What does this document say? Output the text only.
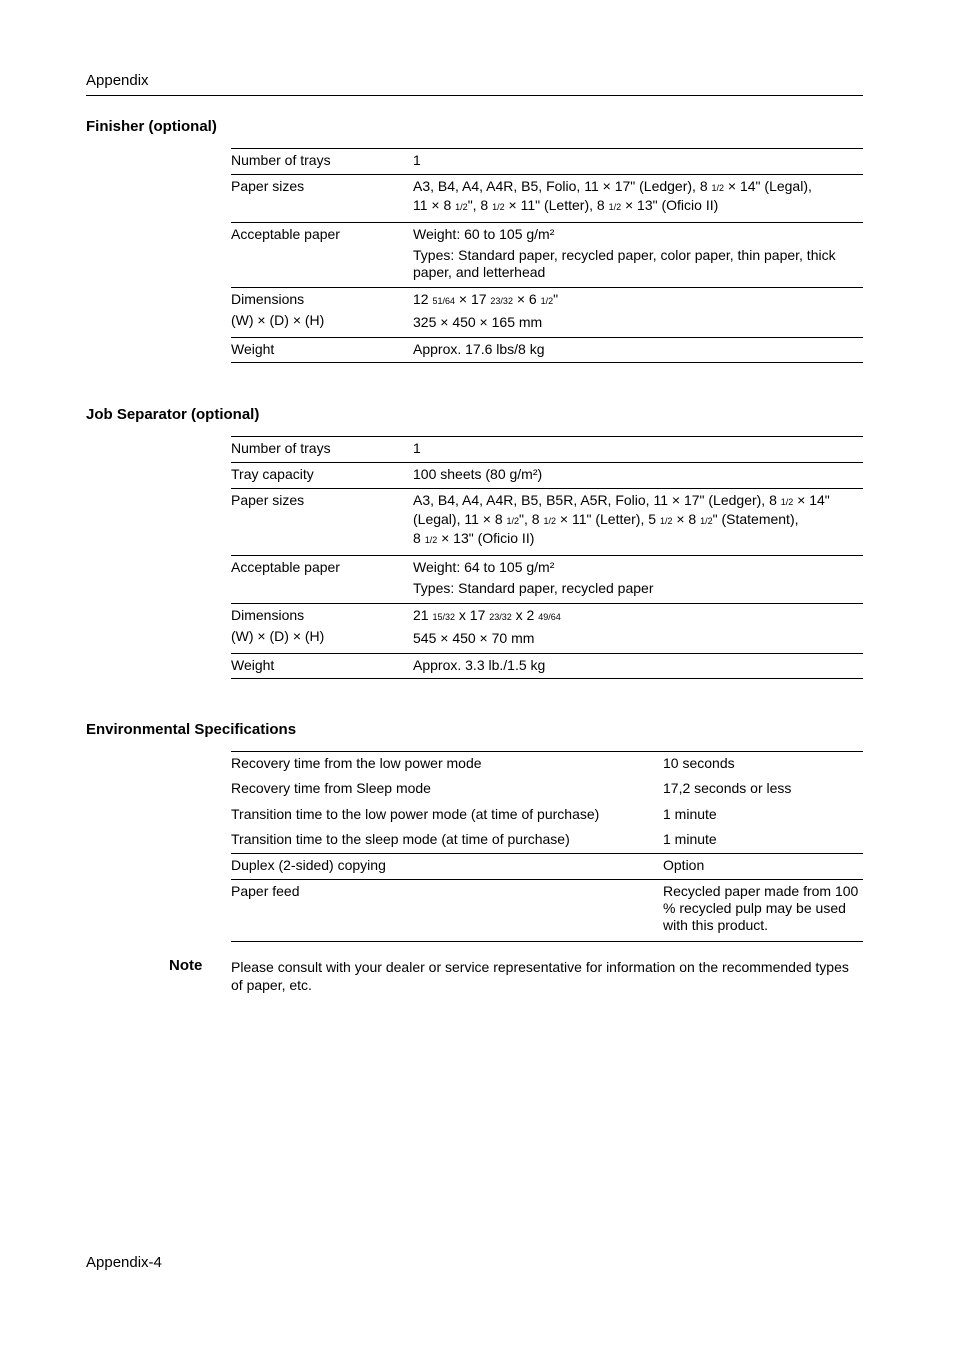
Appendix
Finisher (optional)
Number of trays	1
Paper sizes	A3, B4, A4, A4R, B5, Folio, 11 × 17" (Ledger), 8 1/2 × 14" (Legal),
11 × 8 1/2", 8 1/2 × 11" (Letter), 8 1/2 × 13" (Oficio II)

Acceptable paper	Weight: 60 to 105 g/m²
Types: Standard paper, recycled paper, color paper, thin paper, thick paper, and letterhead

Dimensions
(W) × (D) × (H)	12 51/64 × 17 23/32 × 6 1/2"
325 × 450 × 165 mm

Weight	Approx. 17.6 lbs/8 kg
Job Separator (optional)
Number of trays	1
Tray capacity	100 sheets (80 g/m²)
Paper sizes	A3, B4, A4, A4R, B5, B5R, A5R, Folio, 11 × 17" (Ledger), 8 1/2 × 14"
(Legal), 11 × 8 1/2", 8 1/2 × 11" (Letter), 5 1/2 × 8 1/2" (Statement),
8 1/2 × 13" (Oficio II)

Acceptable paper	Weight: 64 to 105 g/m²
Types: Standard paper, recycled paper

Dimensions
(W) × (D) × (H)	21 15/32 x 17 23/32 x 2 49/64
545 × 450 × 70 mm

Weight	Approx. 3.3 lb./1.5 kg
Environmental Specifications
Recovery time from the low power mode	10 seconds
Recovery time from Sleep mode	17,2 seconds or less
Transition time to the low power mode (at time of purchase)	1 minute
Transition time to the sleep mode (at time of purchase)	1 minute
Duplex (2-sided) copying	Option
Paper feed	Recycled paper made from 100 % recycled pulp may be used with this product.
Note Please consult with your dealer or service representative for information on the recommended types of paper, etc.
Appendix-4
